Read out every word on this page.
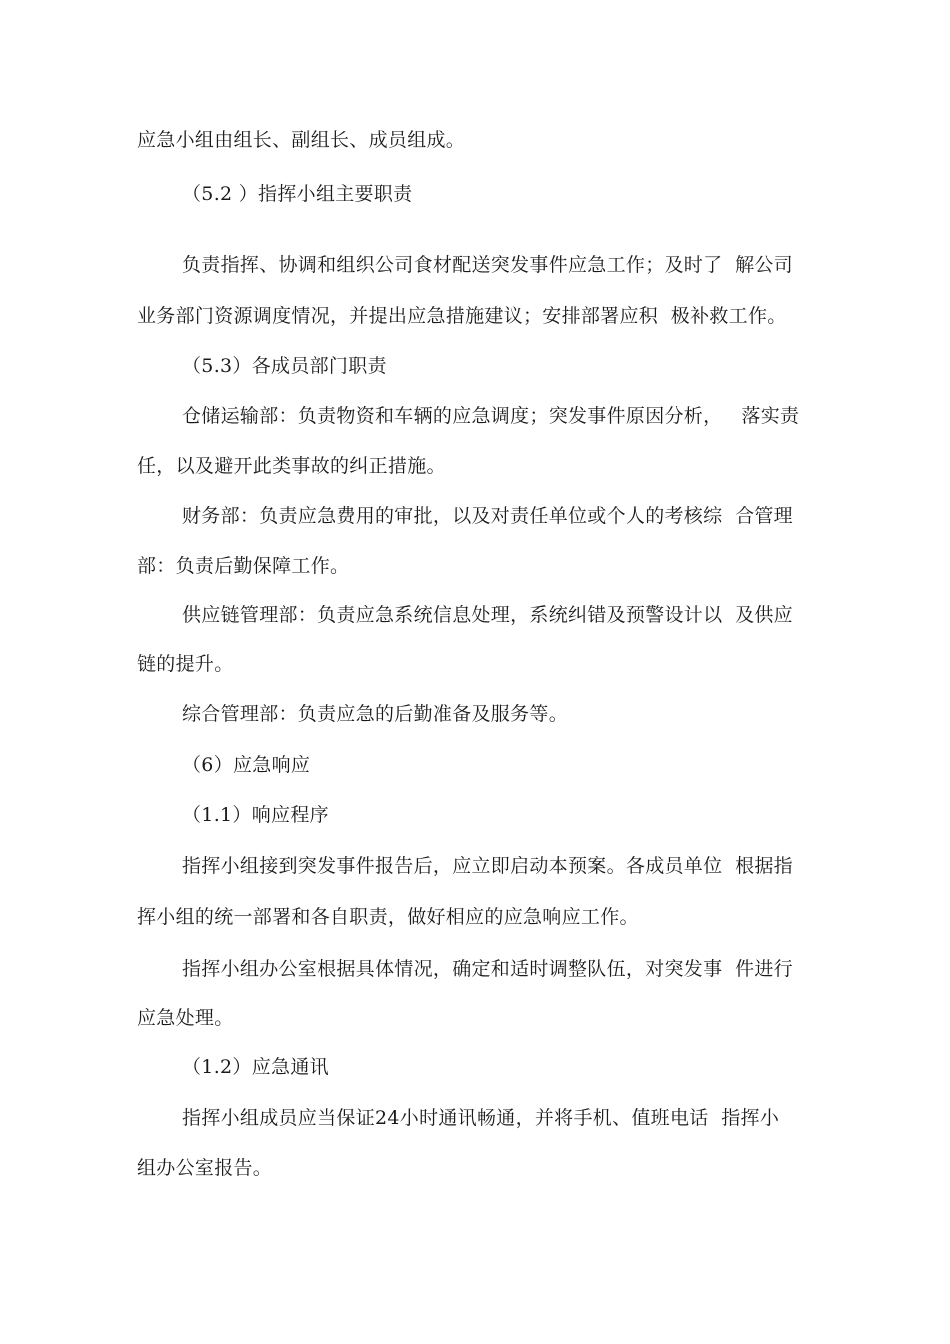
应急小组由组长、副组长、成员组成。
（5.2 ）指挥小组主要职责
负责指挥、协调和组织公司食材配送突发事件应急工作；及时了  解公司
业务部门资源调度情况，并提出应急措施建议；安排部署应积  极补救工作。
（5.3）各成员部门职责
仓储运输部：负责物资和车辆的应急调度；突发事件原因分析，   落实责
任，以及避开此类事故的纠正措施。
财务部：负责应急费用的审批，以及对责任单位或个人的考核综  合管理
部：负责后勤保障工作。
供应链管理部：负责应急系统信息处理，系统纠错及预警设计以  及供应
链的提升。
综合管理部：负责应急的后勤准备及服务等。
（6）应急响应
（1.1）响应程序
指挥小组接到突发事件报告后，应立即启动本预案。各成员单位  根据指
挥小组的统一部署和各自职责，做好相应的应急响应工作。
指挥小组办公室根据具体情况，确定和适时调整队伍，对突发事  件进行
应急处理。
（1.2）应急通讯
指挥小组成员应当保证24小时通讯畅通，并将手机、值班电话  指挥小
组办公室报告。
